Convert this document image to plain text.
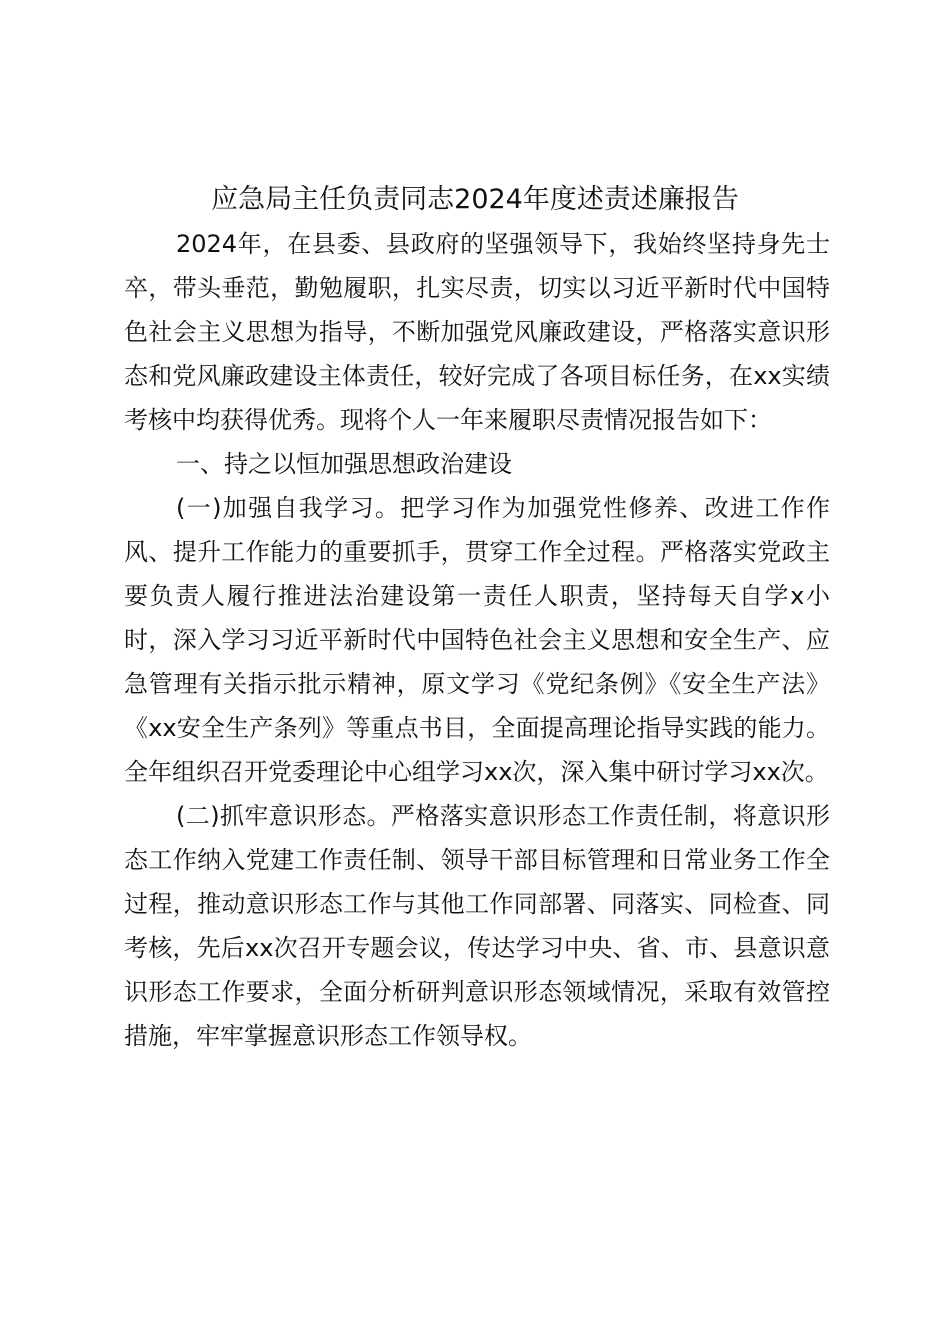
应急局主任负责同志2024年度述责述廉报告

2024年，在县委、县政府的坚强领导下，我始终坚持身先士卒，带头垂范，勤勉履职，扎实尽责，切实以习近平新时代中国特色社会主义思想为指导，不断加强党风廉政建设，严格落实意识形态和党风廉政建设主体责任，较好完成了各项目标任务，在xx实绩考核中均获得优秀。现将个人一年来履职尽责情况报告如下：

一、持之以恒加强思想政治建设

(一)加强自我学习。把学习作为加强党性修养、改进工作作风、提升工作能力的重要抓手，贯穿工作全过程。严格落实党政主要负责人履行推进法治建设第一责任人职责，坚持每天自学x小时，深入学习习近平新时代中国特色社会主义思想和安全生产、应急管理有关指示批示精神，原文学习《党纪条例》《安全生产法》《xx安全生产条列》等重点书目，全面提高理论指导实践的能力。全年组织召开党委理论中心组学习xx次，深入集中研讨学习xx次。

(二)抓牢意识形态。严格落实意识形态工作责任制，将意识形态工作纳入党建工作责任制、领导干部目标管理和日常业务工作全过程，推动意识形态工作与其他工作同部署、同落实、同检查、同考核，先后xx次召开专题会议，传达学习中央、省、市、县意识意识形态工作要求，全面分析研判意识形态领域情况，采取有效管控措施，牢牢掌握意识形态工作领导权。
